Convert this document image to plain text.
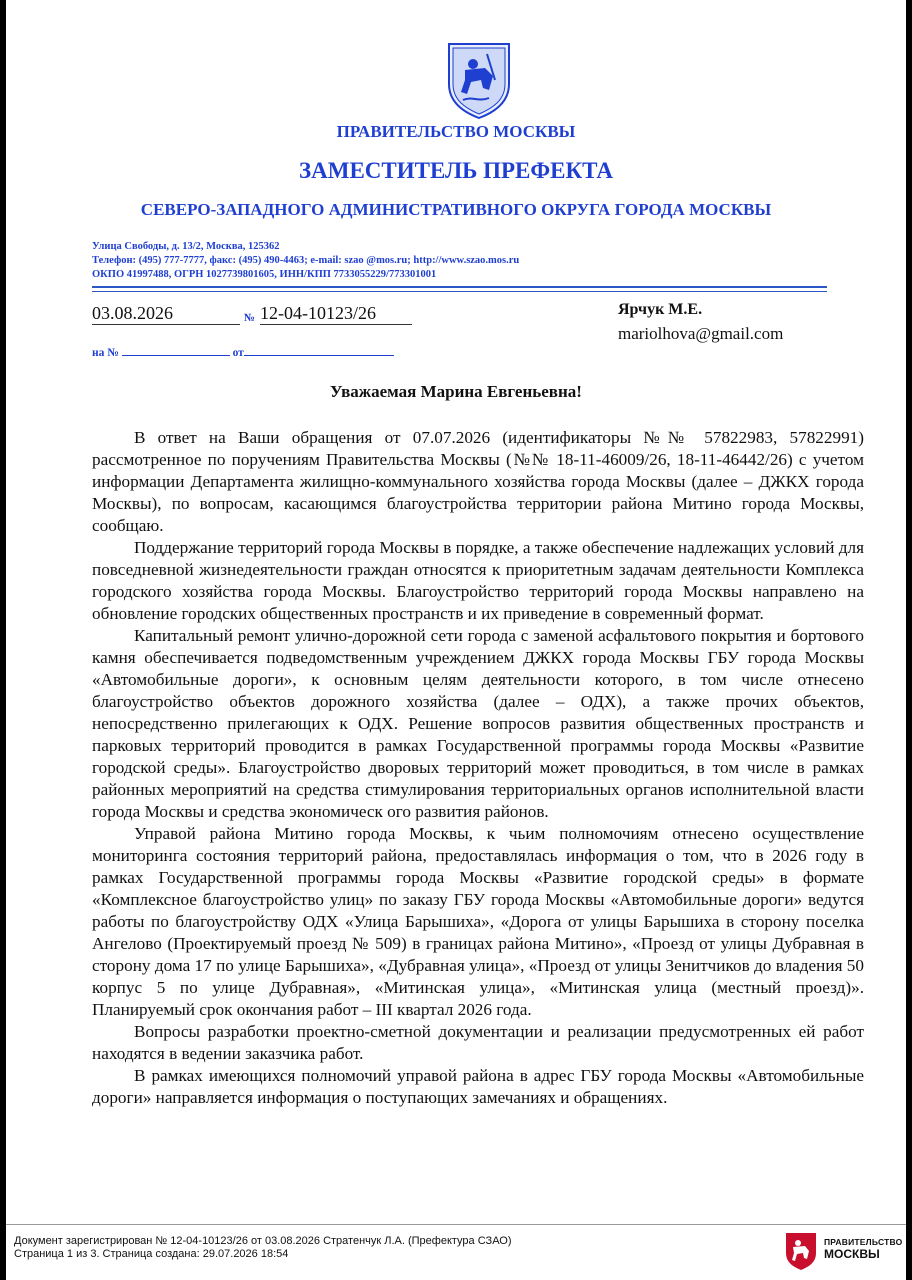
ПРАВИТЕЛЬСТВО МОСКВЫ
ЗАМЕСТИТЕЛЬ ПРЕФЕКТА
СЕВЕРО-ЗАПАДНОГО АДМИНИСТРАТИВНОГО ОКРУГА ГОРОДА МОСКВЫ
Улица Свободы, д. 13/2, Москва, 125362
Телефон: (495) 777-7777, факс: (495) 490-4463; e-mail: szao @mos.ru; http://www.szao.mos.ru
ОКПО 41997488, ОГРН 1027739801605, ИНН/КПП 7733055229/773301001
03.08.2026	№ 12-04-10123/26
на №	от
Ярчук М.Е.
mariolhova@gmail.com
Уважаемая Марина Евгеньевна!

В ответ на Ваши обращения от 07.07.2026 (идентификаторы №№ 57822983, 57822991) рассмотренное по поручениям Правительства Москвы (№№ 18-11-46009/26, 18-11-46442/26) с учетом информации Департамента жилищно-коммунального хозяйства города Москвы (далее – ДЖКХ города Москвы), по вопросам, касающимся благоустройства территории района Митино города Москвы, сообщаю.

Поддержание территорий города Москвы в порядке, а также обеспечение надлежащих условий для повседневной жизнедеятельности граждан относятся к приоритетным задачам деятельности Комплекса городского хозяйства города Москвы. Благоустройство территорий города Москвы направлено на обновление городских общественных пространств и их приведение в современный формат.

Капитальный ремонт улично-дорожной сети города с заменой асфальтового покрытия и бортового камня обеспечивается подведомственным учреждением ДЖКХ города Москвы ГБУ города Москвы «Автомобильные дороги», к основным целям деятельности которого, в том числе отнесено благоустройство объектов дорожного хозяйства (далее – ОДХ), а также прочих объектов, непосредственно прилегающих к ОДХ. Решение вопросов развития общественных пространств и парковых территорий проводится в рамках Государственной программы города Москвы «Развитие городской среды». Благоустройство дворовых территорий может проводиться, в том числе в рамках районных мероприятий на средства стимулирования территориальных органов исполнительной власти города Москвы и средства экономическ ого развития районов.

Управой района Митино города Москвы, к чьим полномочиям отнесено осуществление мониторинга состояния территорий района, предоставлялась информация о том, что в 2026 году в рамках Государственной программы города Москвы «Развитие городской среды» в формате «Комплексное благоустройство улиц» по заказу ГБУ города Москвы «Автомобильные дороги» ведутся работы по благоустройству ОДХ «Улица Барышиха», «Дорога от улицы Барышиха в сторону поселка Ангелово (Проектируемый проезд № 509) в границах района Митино», «Проезд от улицы Дубравная в сторону дома 17 по улице Барышиха», «Дубравная улица», «Проезд от улицы Зенитчиков до владения 50 корпус 5 по улице Дубравная», «Митинская улица», «Митинская улица (местный проезд)». Планируемый срок окончания работ – III квартал 2026 года.

Вопросы разработки проектно-сметной документации и реализации предусмотренных ей работ находятся в ведении заказчика работ.

В рамках имеющихся полномочий управой района в адрес ГБУ города Москвы «Автомобильные дороги» направляется информация о поступающих замечаниях и обращениях.

Документ зарегистрирован № 12-04-10123/26 от 03.08.2026 Стратенчук Л.А. (Префектура СЗАО)
Страница 1 из 3. Страница создана: 29.07.2026 18:54
ПРАВИТЕЛЬСТВО
МОСКВЫ
